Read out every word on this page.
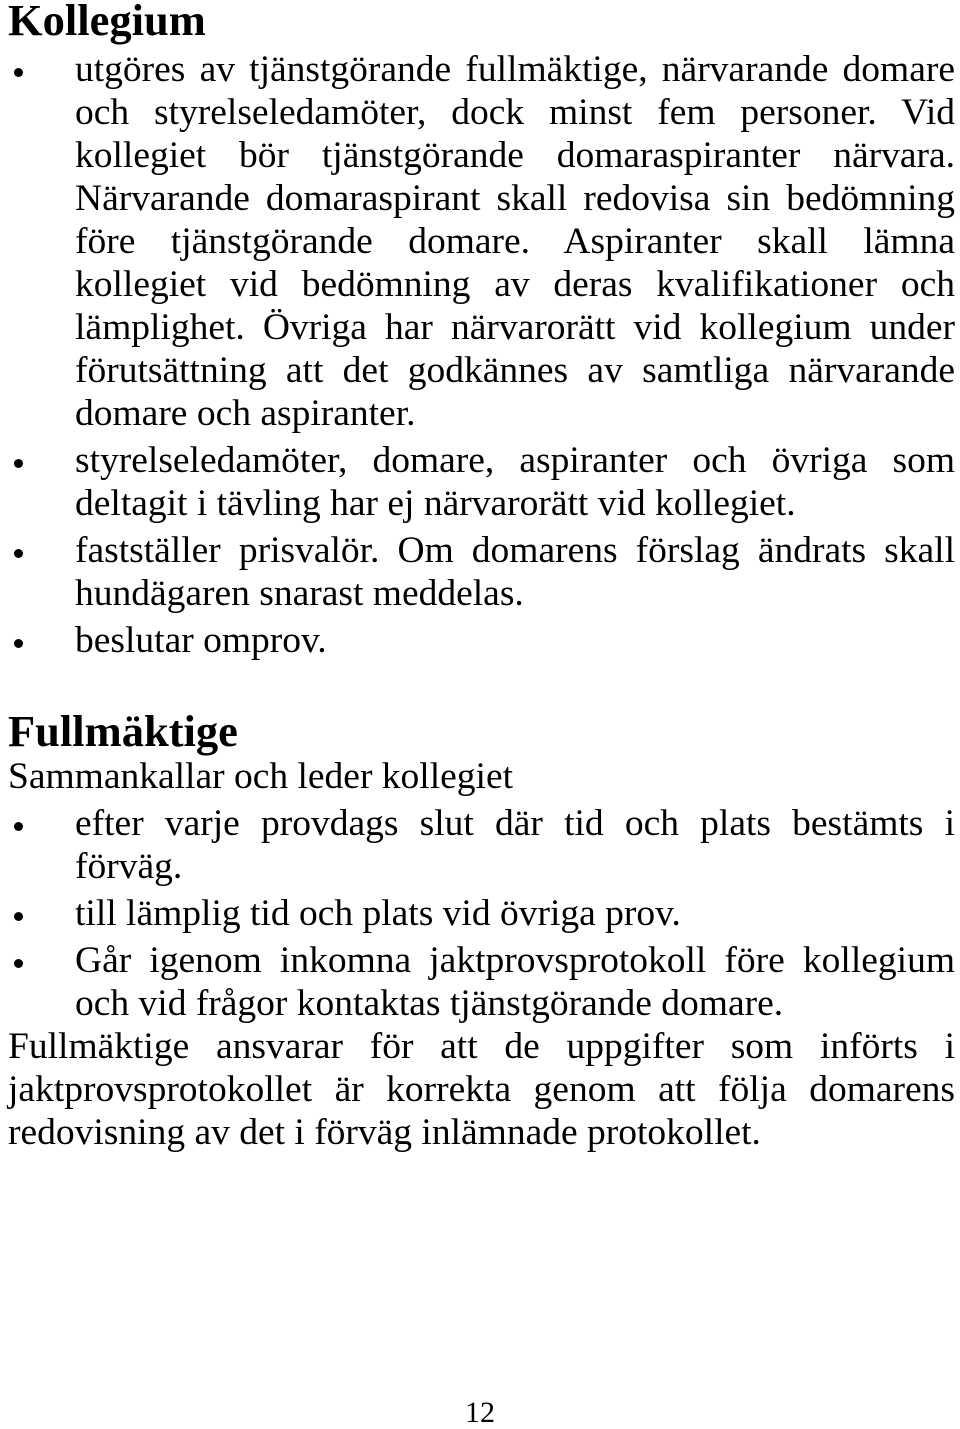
Kollegium
utgöres av tjänstgörande fullmäktige, närvarande domare
och styrelseledamöter, dock minst fem personer. Vid
kollegiet bör tjänstgörande domaraspiranter närvara.
Närvarande domaraspirant skall redovisa sin bedömning
före tjänstgörande domare. Aspiranter skall lämna
kollegiet vid bedömning av deras kvalifikationer och
lämplighet. Övriga har närvarorätt vid kollegium under
förutsättning att det godkännes av samtliga närvarande
domare och aspiranter.
styrelseledamöter, domare, aspiranter och övriga som
deltagit i tävling har ej närvarorätt vid kollegiet.
fastställer prisvalör. Om domarens förslag ändrats skall
hundägaren snarast meddelas.
beslutar omprov.
Fullmäktige
Sammankallar och leder kollegiet
efter varje provdags slut där tid och plats bestämts i
förväg.
till lämplig tid och plats vid övriga prov.
Går igenom inkomna jaktprovsprotokoll före kollegium
och vid frågor kontaktas tjänstgörande domare.
Fullmäktige ansvarar för att de uppgifter som införts i
jaktprovsprotokollet är korrekta genom att följa domarens
redovisning av det i förväg inlämnade protokollet.
12
